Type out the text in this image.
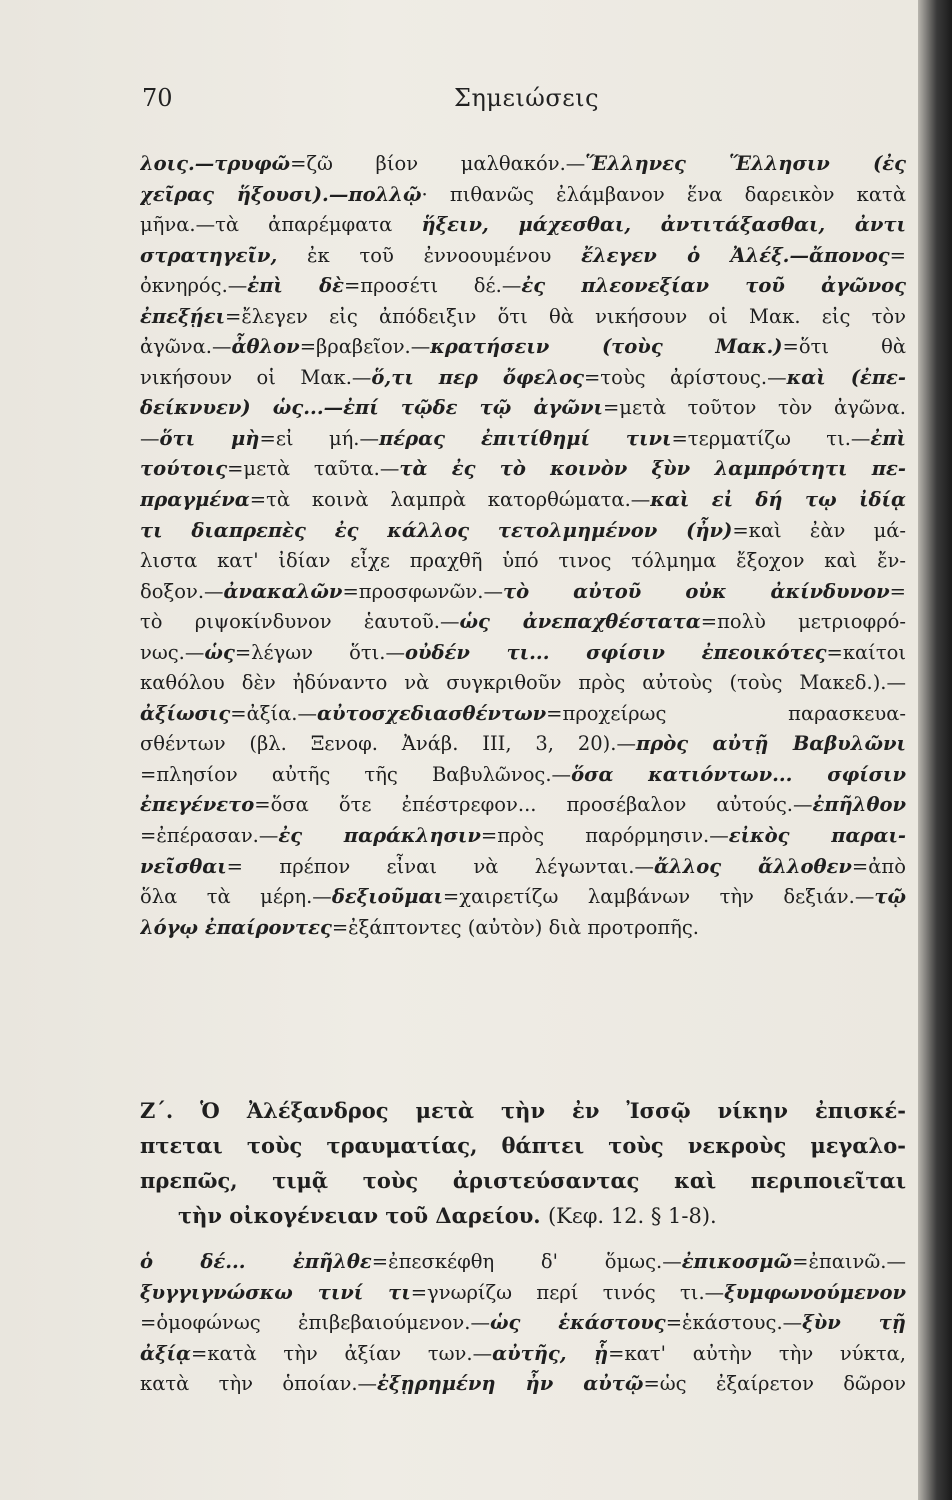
70	Σημειώσεις
λοις.—τρυφῶ=ζῶ βίον μαλθακόν.—Ἕλληνες Ἕλλησιν (ἐς
χεῖρας ἥξουσι).—πολλῷ· πιθανῶς ἐλάμβανον ἕνα δαρεικὸν κατὰ
μῆνα.—τὰ ἀπαρέμφατα ἥξειν, μάχεσθαι, ἀντιτάξασθαι, ἀντι
στρατηγεῖν, ἐκ τοῦ ἐννοουμένου ἔλεγεν ὁ Ἀλέξ.—ἄπονος=
ὀκνηρός.—ἐπὶ δὲ=προσέτι δέ.—ἐς πλεονεξίαν τοῦ ἀγῶνος
ἐπεξῄει=ἔλεγεν εἰς ἀπόδειξιν ὅτι θὰ νικήσουν οἱ Μακ. εἰς τὸν
ἀγῶνα.—ἆθλον=βραβεῖον.—κρατήσειν (τοὺς Μακ.)=ὅτι θὰ
νικήσουν οἱ Μακ.—ὅ,τι περ ὄφελος=τοὺς ἀρίστους.—καὶ (ἐπε-
δείκνυεν) ὡς...—ἐπί τῷδε τῷ ἀγῶνι=μετὰ τοῦτον τὸν ἀγῶνα.
—ὅτι μὴ=εἰ μή.—πέρας ἐπιτίθημί τινι=τερματίζω τι.—ἐπὶ
τούτοις=μετὰ ταῦτα.—τὰ ἐς τὸ κοινὸν ξὺν λαμπρότητι πε-
πραγμένα=τὰ κοινὰ λαμπρὰ κατορθώματα.—καὶ εἰ δή τῳ ἰδίᾳ
τι διαπρεπὲς ἐς κάλλος τετολμημένον (ἦν)=καὶ ἐὰν μά-
λιστα κατ' ἰδίαν εἶχε πραχθῆ ὑπό τινος τόλμημα ἔξοχον καὶ ἔν-
δοξον.—ἀνακαλῶν=προσφωνῶν.—τὸ αὐτοῦ οὐκ ἀκίνδυνον=
τὸ ριψοκίνδυνον ἑαυτοῦ.—ὡς ἀνεπαχθέστατα=πολὺ μετριοφρό-
νως.—ὡς=λέγων ὅτι.—οὐδέν τι... σφίσιν ἐπεοικότες=καίτοι
καθόλου δὲν ἠδύναντο νὰ συγκριθοῦν πρὸς αὐτοὺς (τοὺς Μακεδ.).—
ἀξίωσις=ἀξία.—αὐτοσχεδιασθέντων=προχείρως παρασκευα-
σθέντων (βλ. Ξενοφ. Ἀνάβ. III, 3, 20).—πρὸς αὐτῇ Βαβυλῶνι
=πλησίον αὐτῆς τῆς Βαβυλῶνος.—ὅσα κατιόντων... σφίσιν
ἐπεγένετο=ὅσα ὅτε ἐπέστρεφον... προσέβαλον αὐτούς.—ἐπῆλθον
=ἐπέρασαν.—ἐς παράκλησιν=πρὸς παρόρμησιν.—εἰκὸς παραι-
νεῖσθαι= πρέπον εἶναι νὰ λέγωνται.—ἄλλος ἄλλοθεν=ἀπὸ
ὅλα τὰ μέρη.—δεξιοῦμαι=χαιρετίζω λαμβάνων τὴν δεξιάν.—τῷ
λόγῳ ἐπαίροντες=ἐξάπτοντες (αὐτὸν) διὰ προτροπῆς.
Ζ΄. Ὁ Ἀλέξανδρος μετὰ τὴν ἐν Ἰσσῷ νίκην ἐπισκέ-
πτεται τοὺς τραυματίας, θάπτει τοὺς νεκροὺς μεγαλο-
πρεπῶς, τιμᾷ τοὺς ἀριστεύσαντας καὶ περιποιεῖται
τὴν οἰκογένειαν τοῦ Δαρείου. (Κεφ. 12. § 1-8).
ὁ δέ... ἐπῆλθε=ἐπεσκέφθη δ' ὅμως.—ἐπικοσμῶ=ἐπαινῶ.—
ξυγγιγνώσκω τινί τι=γνωρίζω περί τινός τι.—ξυμφωνούμενον
=ὁμοφώνως ἐπιβεβαιούμενον.—ὡς ἑκάστους=ἑκάστους.—ξὺν τῇ
ἀξίᾳ=κατὰ τὴν ἀξίαν των.—αὐτῆς, ᾗ=κατ' αὐτὴν τὴν νύκτα,
κατὰ τὴν ὁποίαν.—ἐξῃρημένη ἦν αὐτῷ=ὡς ἐξαίρετον δῶρον
